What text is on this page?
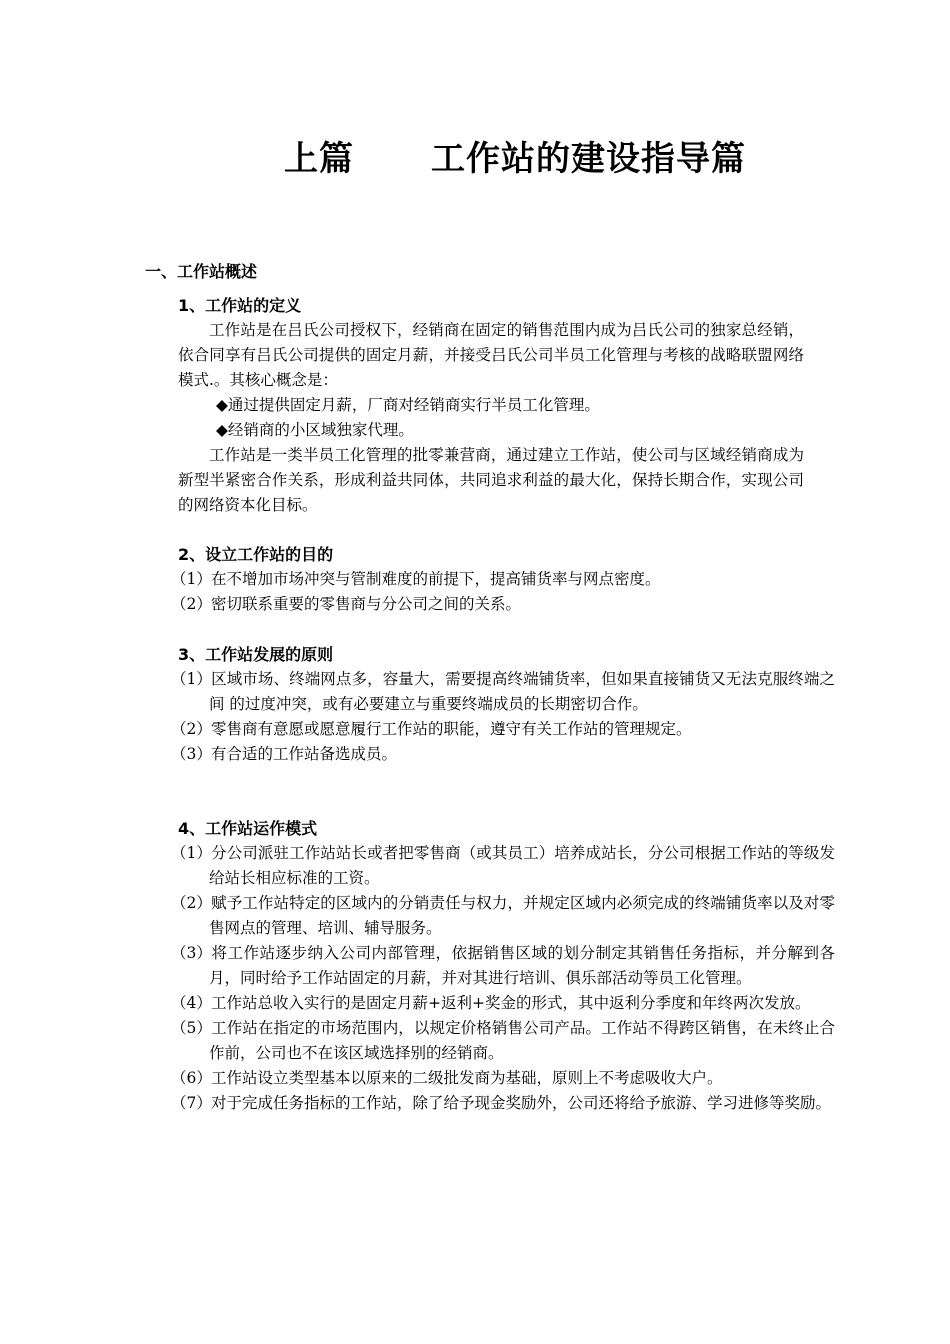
上篇      工作站的建设指导篇
一、工作站概述
1、工作站的定义
工作站是在吕氏公司授权下，经销商在固定的销售范围内成为吕氏公司的独家总经销，依合同享有吕氏公司提供的固定月薪，并接受吕氏公司半员工化管理与考核的战略联盟网络模式.。其核心概念是：
◆通过提供固定月薪，厂商对经销商实行半员工化管理。
◆经销商的小区域独家代理。
工作站是一类半员工化管理的批零兼营商，通过建立工作站，使公司与区域经销商成为新型半紧密合作关系，形成利益共同体，共同追求利益的最大化，保持长期合作，实现公司的网络资本化目标。
2、设立工作站的目的
（1）在不增加市场冲突与管制难度的前提下，提高铺货率与网点密度。
（2）密切联系重要的零售商与分公司之间的关系。
3、工作站发展的原则
（1）区域市场、终端网点多，容量大，需要提高终端铺货率，但如果直接铺货又无法克服终端之间 的过度冲突，或有必要建立与重要终端成员的长期密切合作。
（2）零售商有意愿或愿意履行工作站的职能，遵守有关工作站的管理规定。
（3）有合适的工作站备选成员。
4、工作站运作模式
（1）分公司派驻工作站站长或者把零售商（或其员工）培养成站长，分公司根据工作站的等级发给站长相应标准的工资。
（2）赋予工作站特定的区域内的分销责任与权力，并规定区域内必须完成的终端铺货率以及对零售网点的管理、培训、辅导服务。
（3）将工作站逐步纳入公司内部管理，依据销售区域的划分制定其销售任务指标，并分解到各月，同时给予工作站固定的月薪，并对其进行培训、俱乐部活动等员工化管理。
（4）工作站总收入实行的是固定月薪+返利+奖金的形式，其中返利分季度和年终两次发放。
（5）工作站在指定的市场范围内，以规定价格销售公司产品。工作站不得跨区销售，在未终止合作前，公司也不在该区域选择别的经销商。
（6）工作站设立类型基本以原来的二级批发商为基础，原则上不考虑吸收大户。
（7）对于完成任务指标的工作站，除了给予现金奖励外，公司还将给予旅游、学习进修等奖励。
